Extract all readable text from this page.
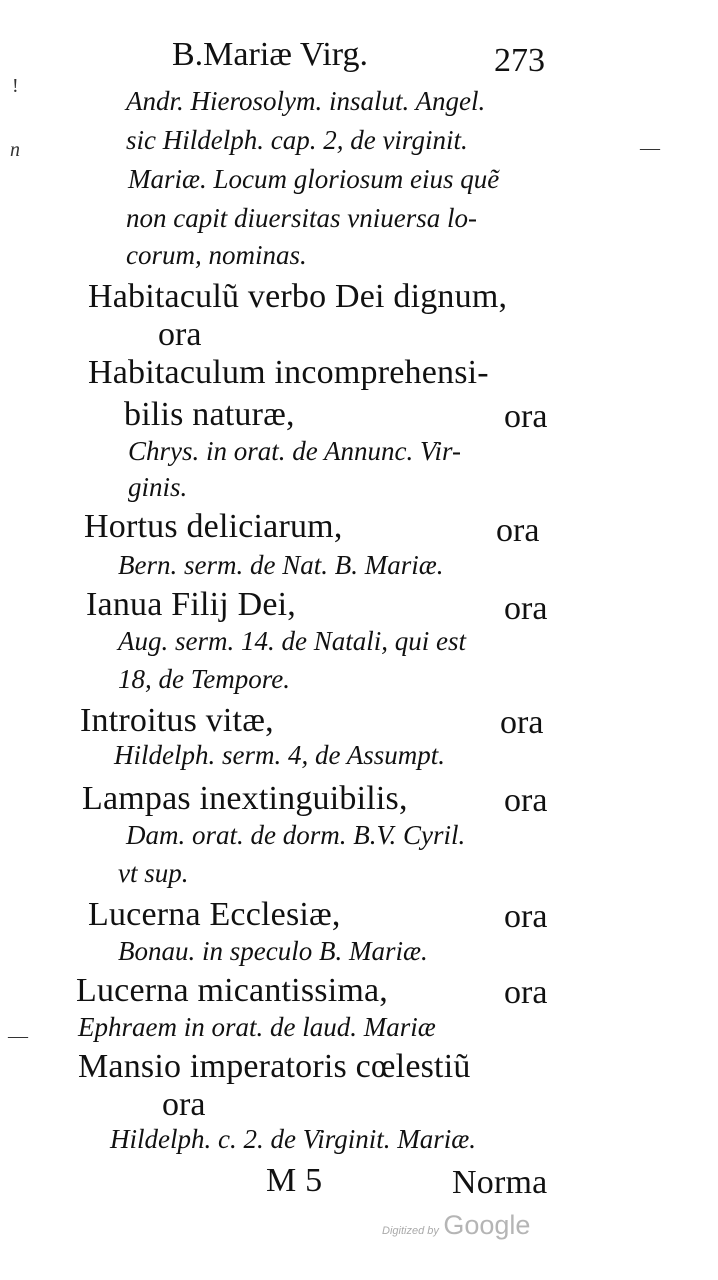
!
n	—
—
B.Mariæ Virg.	273
Andr. Hierosolym. insalut. Angel.
sic Hildelph. cap. 2, de virginit.
Mariæ. Locum gloriosum eius quẽ
non capit diuersitas vniuersa lo-
corum, nominas.
Habitaculũ verbo Dei dignum,
ora
Habitaculum incomprehensi-
bilis naturæ,	ora
Chrys. in orat. de Annunc. Vir-
ginis.
Hortus deliciarum,	ora
Bern. serm. de Nat. B. Mariæ.
Ianua Filij Dei,	ora
Aug. serm. 14. de Natali, qui est
18, de Tempore.
Introitus vitæ,	ora
Hildelph. serm. 4, de Assumpt.
Lampas inextinguibilis,	ora
Dam. orat. de dorm. B.V. Cyril.
vt sup.
Lucerna Ecclesiæ,	ora
Bonau. in speculo B. Mariæ.
Lucerna micantissima,	ora
Ephraem in orat. de laud. Mariæ
Mansio imperatoris cœlestiũ
ora
Hildelph. c. 2. de Virginit. Mariæ.
M 5	Norma
Digitized by Google
